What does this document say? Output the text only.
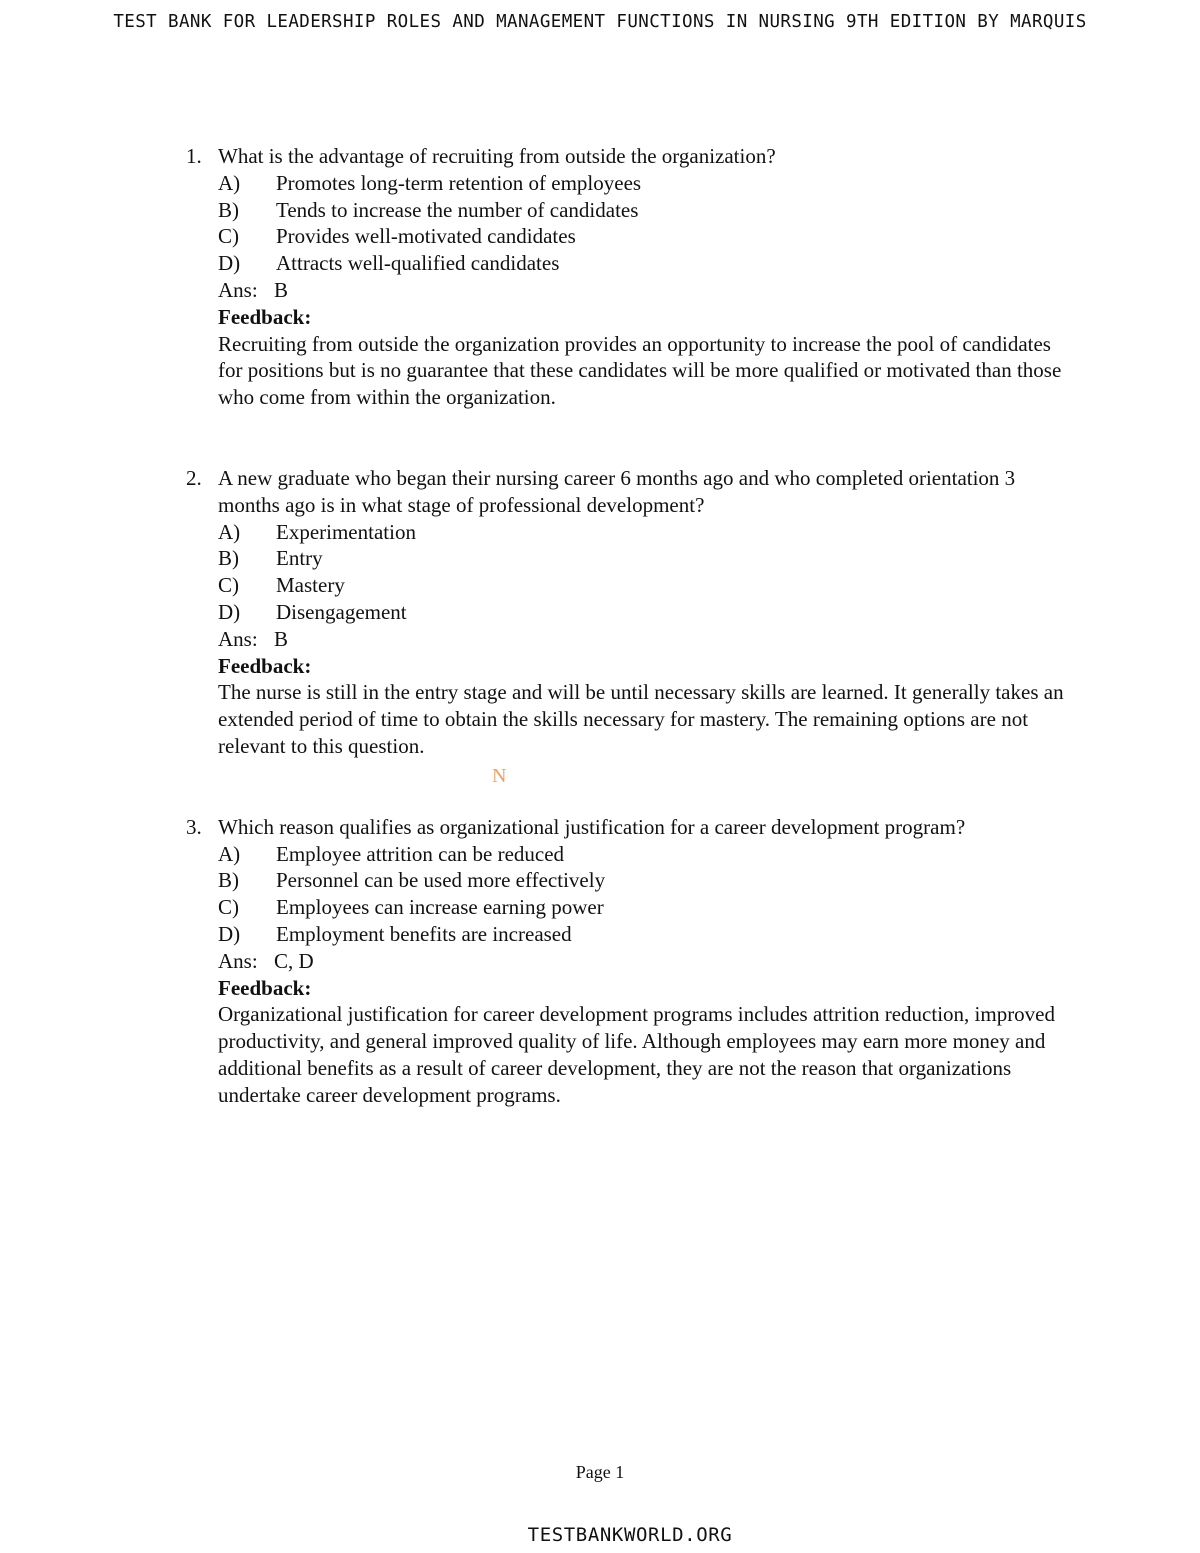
TEST BANK FOR LEADERSHIP ROLES AND MANAGEMENT FUNCTIONS IN NURSING 9TH EDITION BY MARQUIS
1. What is the advantage of recruiting from outside the organization?
A)	Promotes long-term retention of employees
B)	Tends to increase the number of candidates
C)	Provides well-motivated candidates
D)	Attracts well-qualified candidates
Ans: B
Feedback:
Recruiting from outside the organization provides an opportunity to increase the pool of candidates for positions but is no guarantee that these candidates will be more qualified or motivated than those who come from within the organization.
2. A new graduate who began their nursing career 6 months ago and who completed orientation 3 months ago is in what stage of professional development?
A)	Experimentation
B)	Entry
C)	Mastery
D)	Disengagement
Ans: B
Feedback:
The nurse is still in the entry stage and will be until necessary skills are learned. It generally takes an extended period of time to obtain the skills necessary for mastery. The remaining options are not relevant to this question.
3. Which reason qualifies as organizational justification for a career development program?
A)	Employee attrition can be reduced
B)	Personnel can be used more effectively
C)	Employees can increase earning power
D)	Employment benefits are increased
Ans: C, D
Feedback:
Organizational justification for career development programs includes attrition reduction, improved productivity, and general improved quality of life. Although employees may earn more money and additional benefits as a result of career development, they are not the reason that organizations undertake career development programs.
N
Page 1
TESTBANKWORLD.ORG
